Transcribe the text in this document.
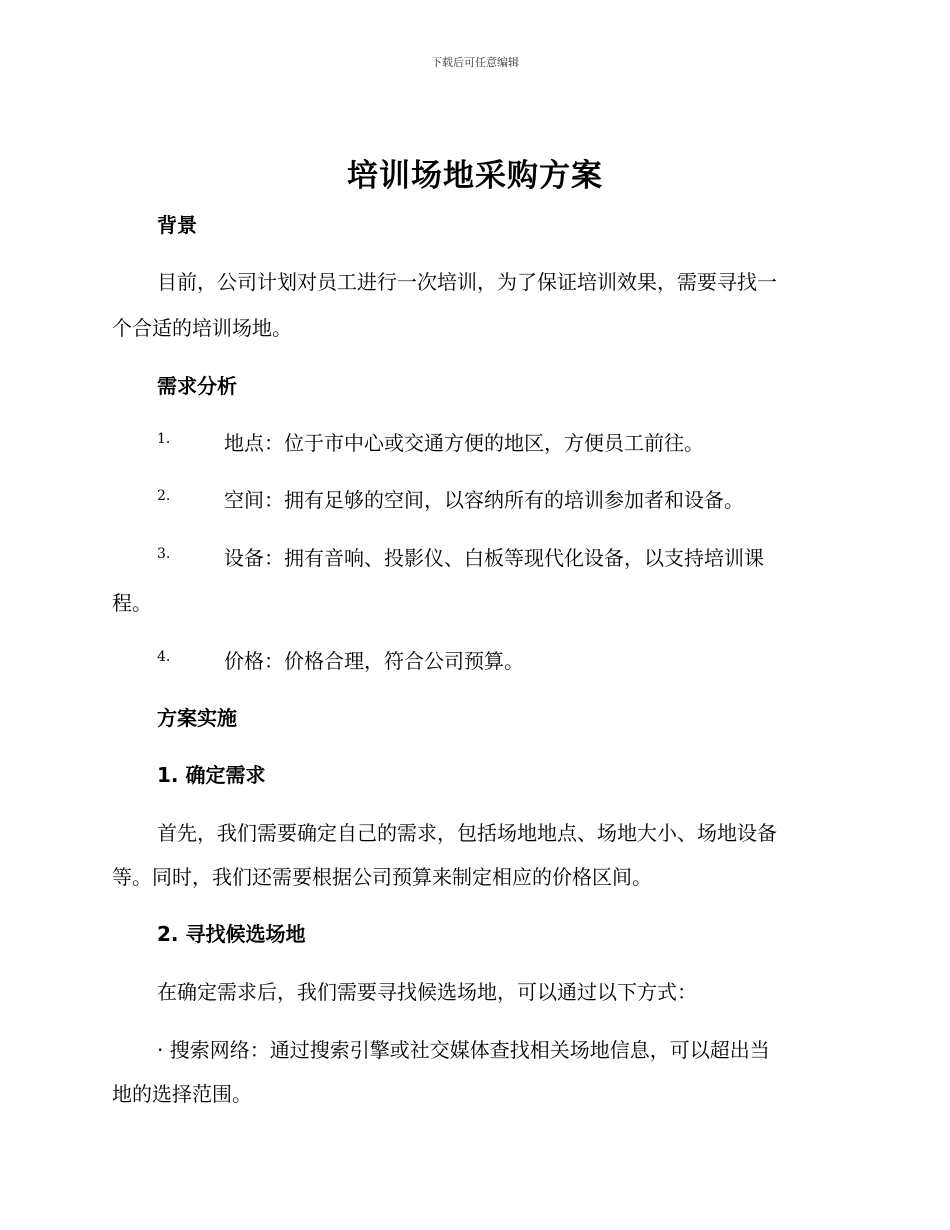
下载后可任意编辑
培训场地采购方案
背景
目前，公司计划对员工进行一次培训，为了保证培训效果，需要寻找一
个合适的培训场地。
需求分析
1.	地点：位于市中心或交通方便的地区，方便员工前往。
2.	空间：拥有足够的空间，以容纳所有的培训参加者和设备。
3.	设备：拥有音响、投影仪、白板等现代化设备，以支持培训课
程。
4.	价格：价格合理，符合公司预算。
方案实施
1. 确定需求
首先，我们需要确定自己的需求，包括场地地点、场地大小、场地设备
等。同时，我们还需要根据公司预算来制定相应的价格区间。
2. 寻找候选场地
在确定需求后，我们需要寻找候选场地，可以通过以下方式：
· 搜索网络：通过搜索引擎或社交媒体查找相关场地信息，可以超出当
地的选择范围。
